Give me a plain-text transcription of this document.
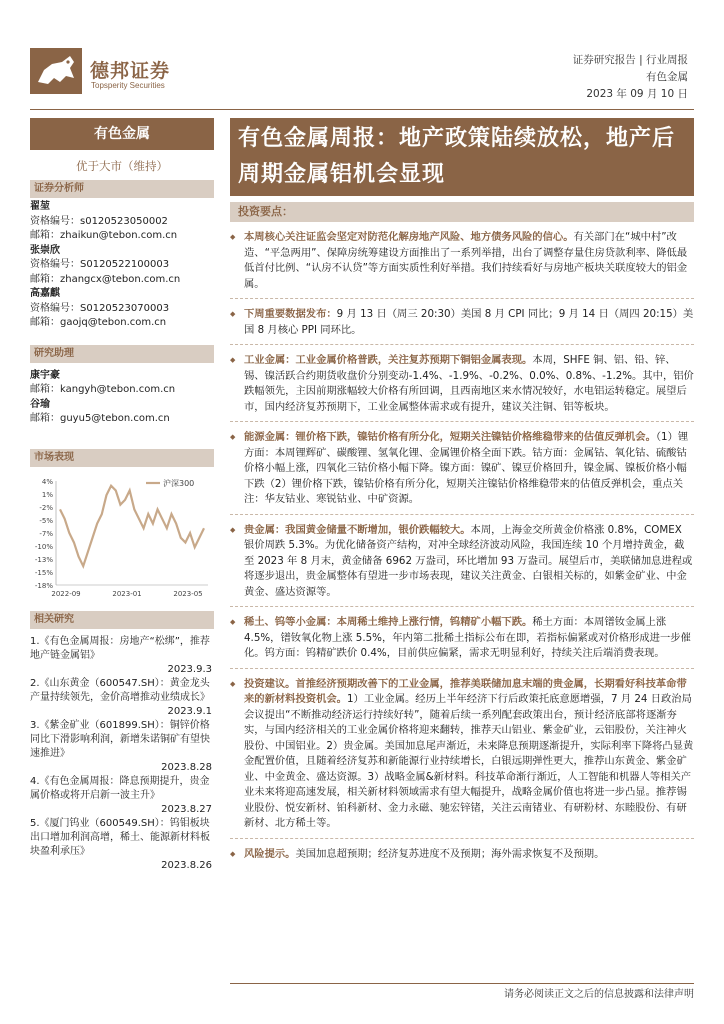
德邦证券
Topsperity Securities
证券研究报告 | 行业周报
有色金属
2023 年 09 月 10 日
有色金属
优于大市（维持）
证券分析师
翟堃
资格编号：s0120523050002
邮箱：zhaikun@tebon.com.cn
张崇欣
资格编号：S0120522100003
邮箱：zhangcx@tebon.com.cn
高嘉麒
资格编号：S0120523070003
邮箱：gaojq@tebon.com.cn
研究助理
康宇豪
邮箱：kangyh@tebon.com.cn
谷瑜
邮箱：guyu5@tebon.com.cn
市场表现
4%
1%
-2%
-5%
-7%
-10%
-13%
-15%
-18%
2022-09	2023-01	2023-05
沪深300
相关研究
1.《有色金属周报：房地产“松绑”，推荐地产链金属铝》
2023.9.3
2.《山东黄金（600547.SH）：黄金龙头产量持续领先，金价高增推动业绩成长》
2023.9.1
3.《紫金矿业（601899.SH）：铜锌价格同比下滑影响利润，新增朱诺铜矿有望快速推进》
2023.8.28
4.《有色金属周报：降息预期提升，贵金属价格或将开启新一波主升》
2023.8.27
5.《厦门钨业（600549.SH）：钨钼板块出口增加利润高增，稀土、能源新材料板块盈利承压》
2023.8.26
有色金属周报：地产政策陆续放松，地产后周期金属铝机会显现
投资要点：
◆ 本周核心关注证监会坚定对防范化解房地产风险、地方债务风险的信心。有关部门在“城中村”改造、“平急两用”、保障房统筹建设方面推出了一系列举措，出台了调整存量住房贷款利率、降低最低首付比例、“认房不认贷”等方面实质性利好举措。我们持续看好与房地产板块关联度较大的铝金属。
◆ 下周重要数据发布：9 月 13 日（周三 20:30）美国 8 月 CPI 同比；9 月 14 日（周四 20:15）美国 8 月核心 PPI 同环比。
◆ 工业金属：工业金属价格普跌，关注复苏预期下铜铝金属表现。本周，SHFE 铜、铝、铅、锌、锡、镍活跃合约期货收盘价分别变动-1.4%、-1.9%、-0.2%、0.0%、0.8%、-1.2%。其中，铝价跌幅领先，主因前期涨幅较大价格有所回调，且西南地区来水情况较好，水电铝运转稳定。展望后市，国内经济复苏预期下，工业金属整体需求或有提升，建议关注铜、铝等板块。
◆ 能源金属：锂价格下跌，镍钴价格有所分化，短期关注镍钴价格维稳带来的估值反弹机会。（1）锂方面：本周锂辉矿、碳酸锂、氢氧化锂、金属锂价格全面下跌。钴方面：金属钴、氧化钴、硫酸钴价格小幅上涨，四氧化三钴价格小幅下降。镍方面：镍矿、镍豆价格回升，镍金属、镍板价格小幅下跌（2）锂价格下跌，镍钴价格有所分化，短期关注镍钴价格维稳带来的估值反弹机会，重点关注：华友钴业、寒锐钴业、中矿资源。
◆ 贵金属：我国黄金储量不断增加，银价跌幅较大。本周，上海金交所黄金价格涨 0.8%，COMEX 银价周跌 5.3%。为优化储备资产结构，对冲全球经济波动风险，我国连续 10 个月增持黄金，截至 2023 年 8 月末，黄金储备 6962 万盎司，环比增加 93 万盎司。展望后市，美联储加息进程或将逐步退出，贵金属整体有望进一步市场表现，建议关注黄金、白银相关标的，如紫金矿业、中金黄金、盛达资源等。
◆ 稀土、钨等小金属：本周稀土维持上涨行情，钨精矿小幅下跌。稀土方面：本周镨钕金属上涨 4.5%，镨钕氧化物上涨 5.5%，年内第二批稀土指标公布在即，若指标偏紧或对价格形成进一步催化。钨方面：钨精矿跌价 0.4%，目前供应偏紧，需求无明显利好，持续关注后端消费表现。
◆ 投资建议。首推经济预期改善下的工业金属，推荐美联储加息末端的贵金属，长期看好科技革命带来的新材料投资机会。1）工业金属。经历上半年经济下行后政策托底意愿增强，7 月 24 日政治局会议提出“不断推动经济运行持续好转”，随着后续一系列配套政策出台，预计经济底部将逐渐夯实，与国内经济相关的工业金属价格将迎来翻转，推荐天山铝业、紫金矿业，云铝股份，关注神火股份、中国铝业。2）贵金属。美国加息尾声渐近，未来降息预期逐渐提升，实际利率下降将凸显黄金配置价值，且随着经济复苏和新能源行业持续增长，白银远期弹性更大，推荐山东黄金、紫金矿业、中金黄金、盛达资源。3）战略金属&新材料。科技革命渐行渐近，人工智能和机器人等相关产业未来将迎高速发展，相关新材料领域需求有望大幅提升，战略金属价值也将进一步凸显。推荐锡业股份、悦安新材、铂科新材、金力永磁、驰宏锌锗，关注云南锗业、有研粉材、东睦股份、有研新材、北方稀土等。
◆ 风险提示。美国加息超预期；经济复苏进度不及预期；海外需求恢复不及预期。
请务必阅读正文之后的信息披露和法律声明
